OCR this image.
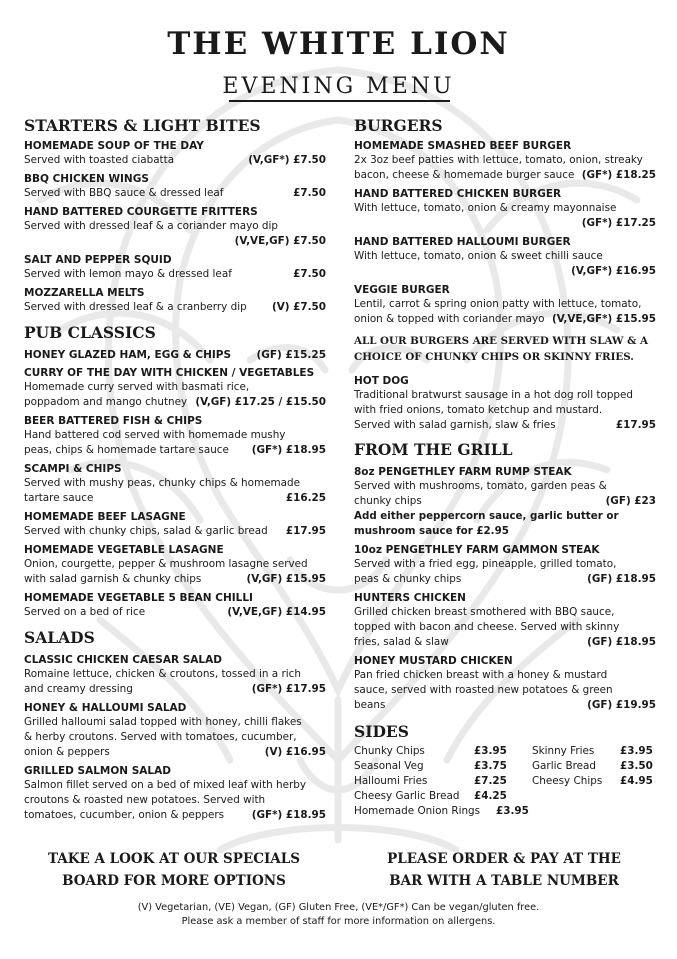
THE WHITE LION
EVENING MENU
STARTERS & LIGHT BITES
HOMEMADE SOUP OF THE DAY
Served with toasted ciabatta	(V,GF*) £7.50
BBQ CHICKEN WINGS
Served with BBQ sauce & dressed leaf	£7.50
HAND BATTERED COURGETTE FRITTERS
Served with dressed leaf & a coriander mayo dip
(V,VE,GF) £7.50
SALT AND PEPPER SQUID
Served with lemon mayo & dressed leaf	£7.50
MOZZARELLA MELTS
Served with dressed leaf & a cranberry dip	(V) £7.50
PUB CLASSICS
HONEY GLAZED HAM, EGG & CHIPS	(GF) £15.25
CURRY OF THE DAY WITH CHICKEN / VEGETABLES
Homemade curry served with basmati rice,
poppadom and mango chutney (V,GF) £17.25 / £15.50
BEER BATTERED FISH & CHIPS
Hand battered cod served with homemade mushy
peas, chips & homemade tartare sauce	(GF*) £18.95
SCAMPI & CHIPS
Served with mushy peas, chunky chips & homemade
tartare sauce	£16.25
HOMEMADE BEEF LASAGNE
Served with chunky chips, salad & garlic bread	£17.95
HOMEMADE VEGETABLE LASAGNE
Onion, courgette, pepper & mushroom lasagne served
with salad garnish & chunky chips	(V,GF) £15.95
HOMEMADE VEGETABLE 5 BEAN CHILLI
Served on a bed of rice	(V,VE,GF) £14.95
SALADS
CLASSIC CHICKEN CAESAR SALAD
Romaine lettuce, chicken & croutons, tossed in a rich
and creamy dressing	(GF*) £17.95
HONEY & HALLOUMI SALAD
Grilled halloumi salad topped with honey, chilli flakes
& herby croutons. Served with tomatoes, cucumber,
onion & peppers	(V) £16.95
GRILLED SALMON SALAD
Salmon fillet served on a bed of mixed leaf with herby
croutons & roasted new potatoes. Served with
tomatoes, cucumber, onion & peppers	(GF*) £18.95
BURGERS
HOMEMADE SMASHED BEEF BURGER
2x 3oz beef patties with lettuce, tomato, onion, streaky
bacon, cheese & homemade burger sauce (GF*) £18.25
HAND BATTERED CHICKEN BURGER
With lettuce, tomato, onion & creamy mayonnaise
(GF*) £17.25
HAND BATTERED HALLOUMI BURGER
With lettuce, tomato, onion & sweet chilli sauce
(V,GF*) £16.95
VEGGIE BURGER
Lentil, carrot & spring onion patty with lettuce, tomato,
onion & topped with coriander mayo (V,VE,GF*) £15.95
ALL OUR BURGERS ARE SERVED WITH SLAW & A
CHOICE OF CHUNKY CHIPS OR SKINNY FRIES.
HOT DOG
Traditional bratwurst sausage in a hot dog roll topped
with fried onions, tomato ketchup and mustard.
Served with salad garnish, slaw & fries	£17.95
FROM THE GRILL
8oz PENGETHLEY FARM RUMP STEAK
Served with mushrooms, tomato, garden peas &
chunky chips	(GF) £23
Add either peppercorn sauce, garlic butter or
mushroom sauce for £2.95
10oz PENGETHLEY FARM GAMMON STEAK
Served with a fried egg, pineapple, grilled tomato,
peas & chunky chips	(GF) £18.95
HUNTERS CHICKEN
Grilled chicken breast smothered with BBQ sauce,
topped with bacon and cheese. Served with skinny
fries, salad & slaw	(GF) £18.95
HONEY MUSTARD CHICKEN
Pan fried chicken breast with a honey & mustard
sauce, served with roasted new potatoes & green
beans	(GF) £19.95
SIDES
Chunky Chips	£3.95 Skinny Fries £3.95
Seasonal Veg	£3.75 Garlic Bread £3.50
Halloumi Fries	£7.25 Cheesy Chips £4.95
Cheesy Garlic Bread £4.25
Homemade Onion Rings £3.95
TAKE A LOOK AT OUR SPECIALS
BOARD FOR MORE OPTIONS
PLEASE ORDER & PAY AT THE
BAR WITH A TABLE NUMBER
(V) Vegetarian, (VE) Vegan, (GF) Gluten Free, (VE*/GF*) Can be vegan/gluten free.
Please ask a member of staff for more information on allergens.
